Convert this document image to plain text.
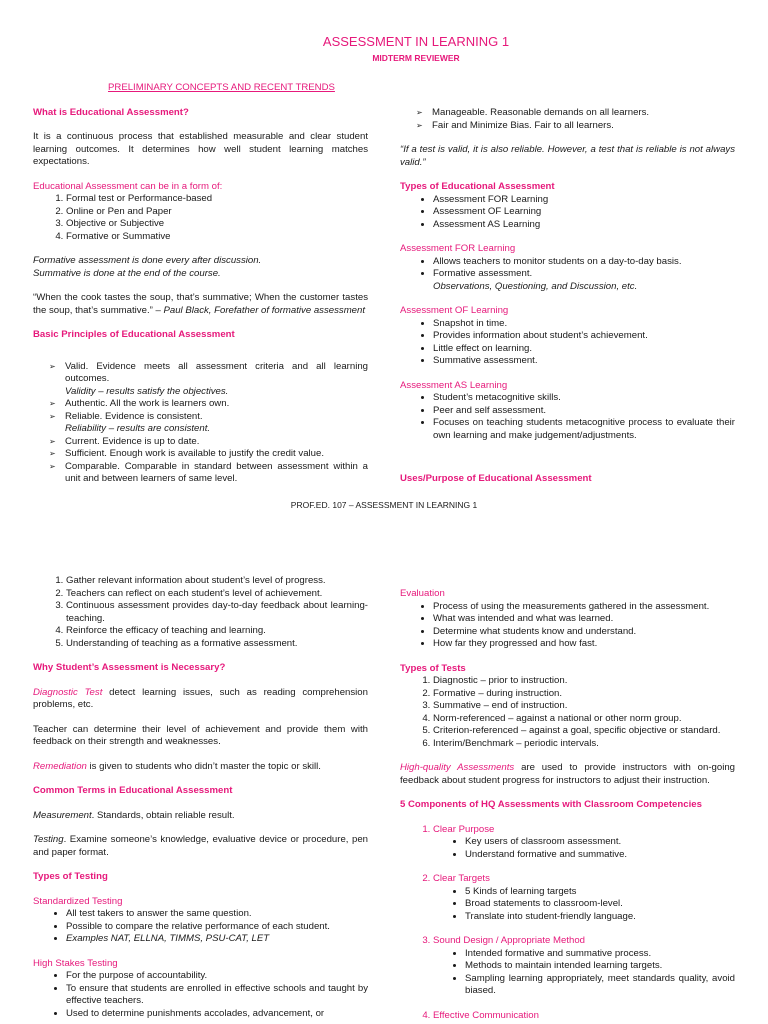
ASSESSMENT IN LEARNING 1
MIDTERM REVIEWER
PRELIMINARY CONCEPTS AND RECENT TRENDS
What is Educational Assessment?
It is a continuous process that established measurable and clear student learning outcomes. It determines how well student learning matches expectations.
Educational Assessment can be in a form of:
1. Formal test or Performance-based
2. Online or Pen and Paper
3. Objective or Subjective
4. Formative or Summative
Formative assessment is done every after discussion.
Summative is done at the end of the course.
“When the cook tastes the soup, that’s summative; When the customer tastes the soup, that’s summative.” – Paul Black, Forefather of formative assessment
Basic Principles of Educational Assessment
➢ Valid. Evidence meets all assessment criteria and all learning outcomes.
Validity – results satisfy the objectives.
➢ Authentic. All the work is learners own.
➢ Reliable. Evidence is consistent.
Reliability – results are consistent.
➢ Current. Evidence is up to date.
➢ Sufficient. Enough work is available to justify the credit value.
➢ Comparable. Comparable in standard between assessment within a unit and between learners of same level.
➢ Manageable. Reasonable demands on all learners.
➢ Fair and Minimize Bias. Fair to all learners.
“If a test is valid, it is also reliable. However, a test that is reliable is not always valid.”
Types of Educational Assessment
• Assessment FOR Learning
• Assessment OF Learning
• Assessment AS Learning
Assessment FOR Learning
• Allows teachers to monitor students on a day-to-day basis.
• Formative assessment.
Observations, Questioning, and Discussion, etc.
Assessment OF Learning
• Snapshot in time.
• Provides information about student’s achievement.
• Little effect on learning.
• Summative assessment.
Assessment AS Learning
• Student’s metacognitive skills.
• Peer and self assessment.
• Focuses on teaching students metacognitive process to evaluate their own learning and make judgement/adjustments.
Uses/Purpose of Educational Assessment
PROF.ED. 107 – ASSESSMENT IN LEARNING 1
1. Gather relevant information about student’s level of progress.
2. Teachers can reflect on each student’s level of achievement.
3. Continuous assessment provides day-to-day feedback about learning-teaching.
4. Reinforce the efficacy of teaching and learning.
5. Understanding of teaching as a formative assessment.
Why Student’s Assessment is Necessary?
Diagnostic Test detect learning issues, such as reading comprehension problems, etc.
Teacher can determine their level of achievement and provide them with feedback on their strength and weaknesses.
Remediation is given to students who didn’t master the topic or skill.
Common Terms in Educational Assessment
Measurement. Standards, obtain reliable result.
Testing. Examine someone’s knowledge, evaluative device or procedure, pen and paper format.
Types of Testing
Standardized Testing
• All test takers to answer the same question.
• Possible to compare the relative performance of each student.
• Examples NAT, ELLNA, TIMMS, PSU-CAT, LET
High Stakes Testing
• For the purpose of accountability.
• To ensure that students are enrolled in effective schools and taught by effective teachers.
• Used to determine punishments accolades, advancement, or
Evaluation
• Process of using the measurements gathered in the assessment.
• What was intended and what was learned.
• Determine what students know and understand.
• How far they progressed and how fast.
Types of Tests
1. Diagnostic – prior to instruction.
2. Formative – during instruction.
3. Summative – end of instruction.
4. Norm-referenced – against a national or other norm group.
5. Criterion-referenced – against a goal, specific objective or standard.
6. Interim/Benchmark – periodic intervals.
High-quality Assessments are used to provide instructors with on-going feedback about student progress for instructors to adjust their instruction.
5 Components of HQ Assessments with Classroom Competencies
1. Clear Purpose
• Key users of classroom assessment.
• Understand formative and summative.
2. Clear Targets
• 5 Kinds of learning targets
• Broad statements to classroom-level.
• Translate into student-friendly language.
3. Sound Design / Appropriate Method
• Intended formative and summative process.
• Methods to maintain intended learning targets.
• Sampling learning appropriately, meet standards quality, avoid biased.
4. Effective Communication
